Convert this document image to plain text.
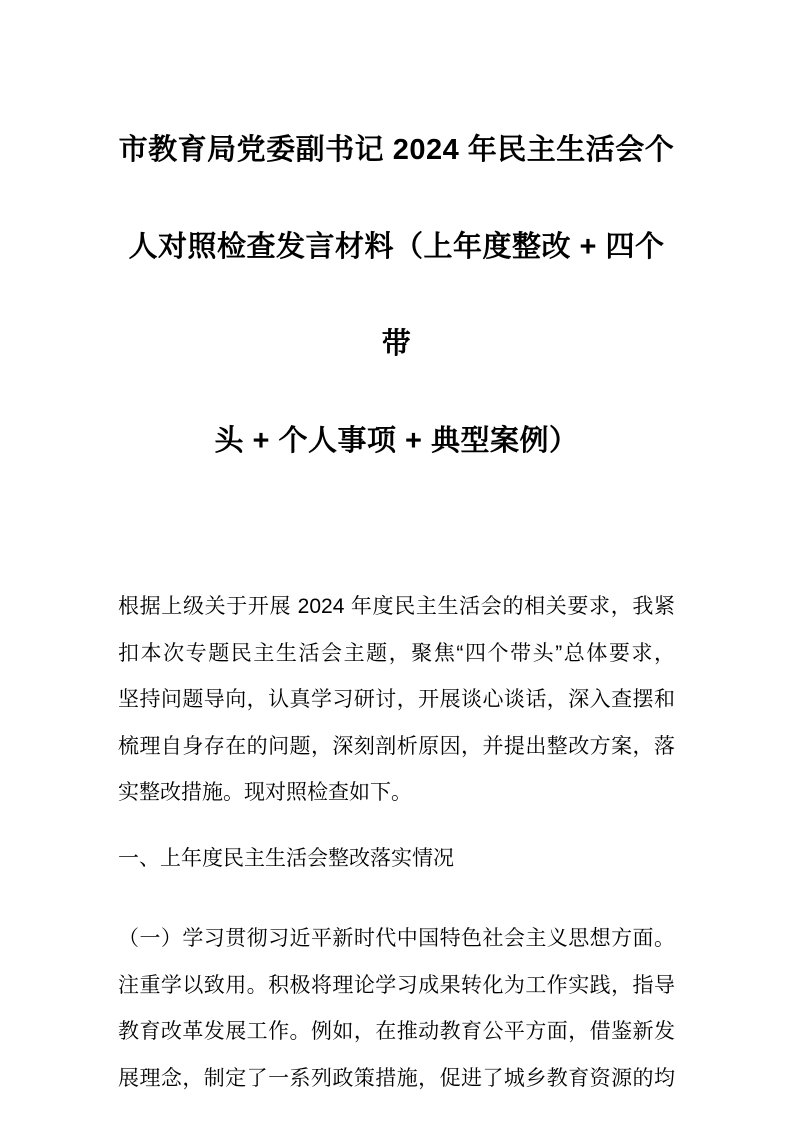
市教育局党委副书记 2024 年民主生活会个
人对照检查发言材料（上年度整改 + 四个带
头 + 个人事项 + 典型案例）
根据上级关于开展 2024 年度民主生活会的相关要求，我紧
扣本次专题民主生活会主题，聚焦“四个带头”总体要求，
坚持问题导向，认真学习研讨，开展谈心谈话，深入查摆和
梳理自身存在的问题，深刻剖析原因，并提出整改方案，落
实整改措施。现对照检查如下。
一、上年度民主生活会整改落实情况
（一）学习贯彻习近平新时代中国特色社会主义思想方面。
注重学以致用。积极将理论学习成果转化为工作实践，指导
教育改革发展工作。例如，在推动教育公平方面，借鉴新发
展理念，制定了一系列政策措施，促进了城乡教育资源的均
